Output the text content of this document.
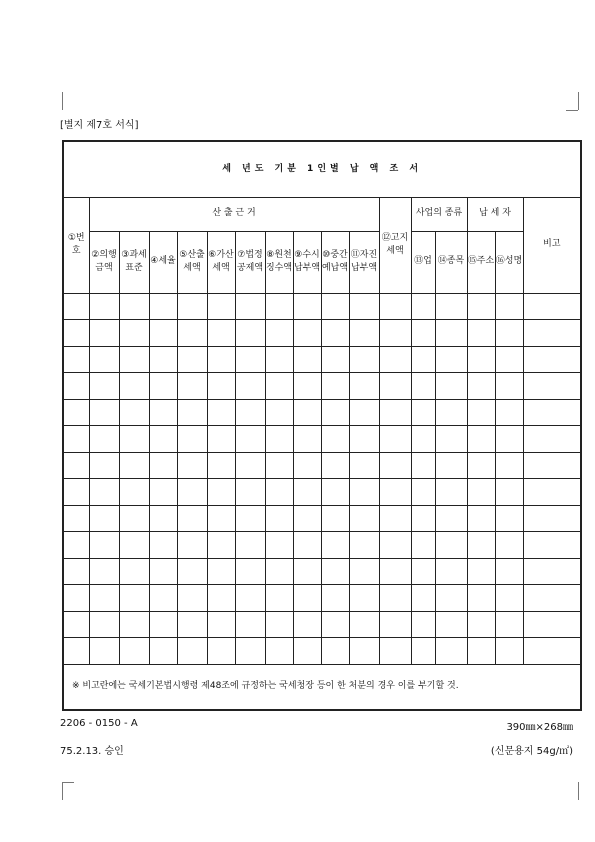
[별지 제7호 서식]
세 년도 기분 1인별 납 액 조 서																
①번호	산 출 근 거										⑫고지 세액	사업의 종류		납 세 자		비고
	②의행 금액	③과세 표준	④세율	⑤산출 세액	⑥가산 세액	⑦법정 공제액	⑧원천 징수액	⑨수시 납부액	⑩중간 예납액	⑪자진 납부액		⑬업	⑭종목	⑮주소	⑯성명	

※ 비고란에는 국세기본법시행령 제48조에 규정하는 국세청장 등이 한 처분의 경우 이를 부기할 것.																
2206 - 0150 - A
75.2.13. 승인
390㎜×268㎜
(신문용지 54g/㎡)
